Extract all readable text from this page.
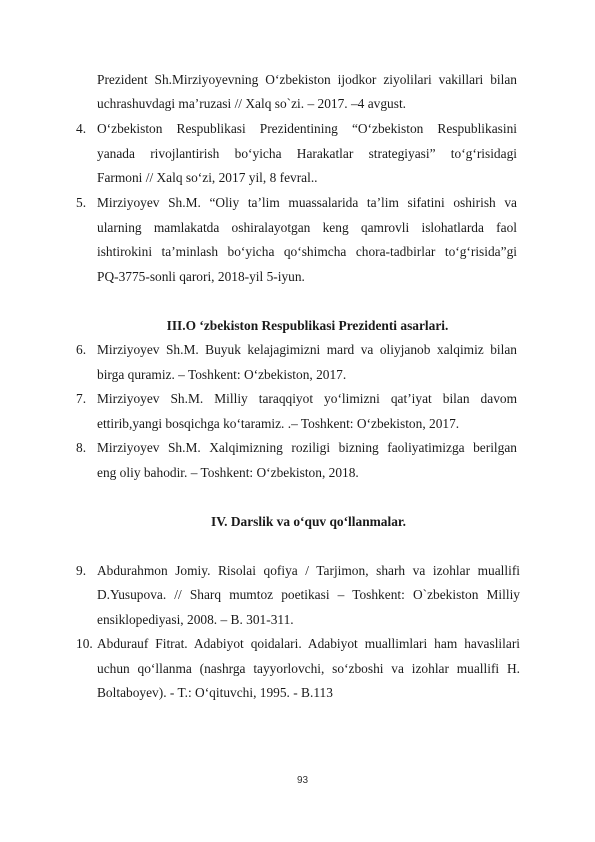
Prezident Sh.Mirziyoyevning O‘zbekiston ijodkor ziyolilari vakillari bilan
uchrashuvdagi ma’ruzasi // Xalq so`zi. – 2017. –4 avgust.
4. O‘zbekiston Respublikasi Prezidentining “O‘zbekiston Respublikasini
yanada rivojlantirish bo‘yicha Harakatlar strategiyasi” to‘g‘risidagi
Farmoni // Xalq so‘zi, 2017 yil, 8 fevral..
5. Mirziyoyev Sh.M. “Oliy ta’lim muassalarida ta’lim sifatini oshirish va
ularning mamlakatda oshiralayotgan keng qamrovli islohatlarda faol
ishtirokini ta’minlash bo‘yicha qo‘shimcha chora-tadbirlar to‘g‘risida”gi
PQ-3775-sonli qarori, 2018-yil 5-iyun.
III.O ‘zbekiston Respublikasi Prezidenti asarlari.
6. Mirziyoyev Sh.M. Buyuk kelajagimizni mard va oliyjanob xalqimiz bilan
birga quramiz. – Toshkent: O‘zbekiston, 2017.
7. Mirziyoyev Sh.M. Milliy taraqqiyot yo‘limizni qat’iyat bilan davom
ettirib,yangi bosqichga ko‘taramiz. .– Toshkent: O‘zbekiston, 2017.
8. Mirziyoyev Sh.M. Xalqimizning roziligi bizning faoliyatimizga berilgan
eng oliy bahodir. – Toshkent: O‘zbekiston, 2018.
IV. Darslik va o‘quv qo‘llanmalar.
9. Abdurahmon Jomiy. Risolai qofiya / Tarjimon, sharh va izohlar muallifi
D.Yusupova. // Sharq mumtoz poetikasi – Toshkent: O`zbekiston Milliy
ensiklopediyasi, 2008. – B. 301-311.
10. Abdurauf Fitrat. Adabiyot qoidalari. Adabiyot muallimlari ham havaslilari
uchun qo‘llanma (nashrga tayyorlovchi, so‘zboshi va izohlar muallifi H.
Boltaboyev). - T.: O‘qituvchi, 1995. - B.113
93
